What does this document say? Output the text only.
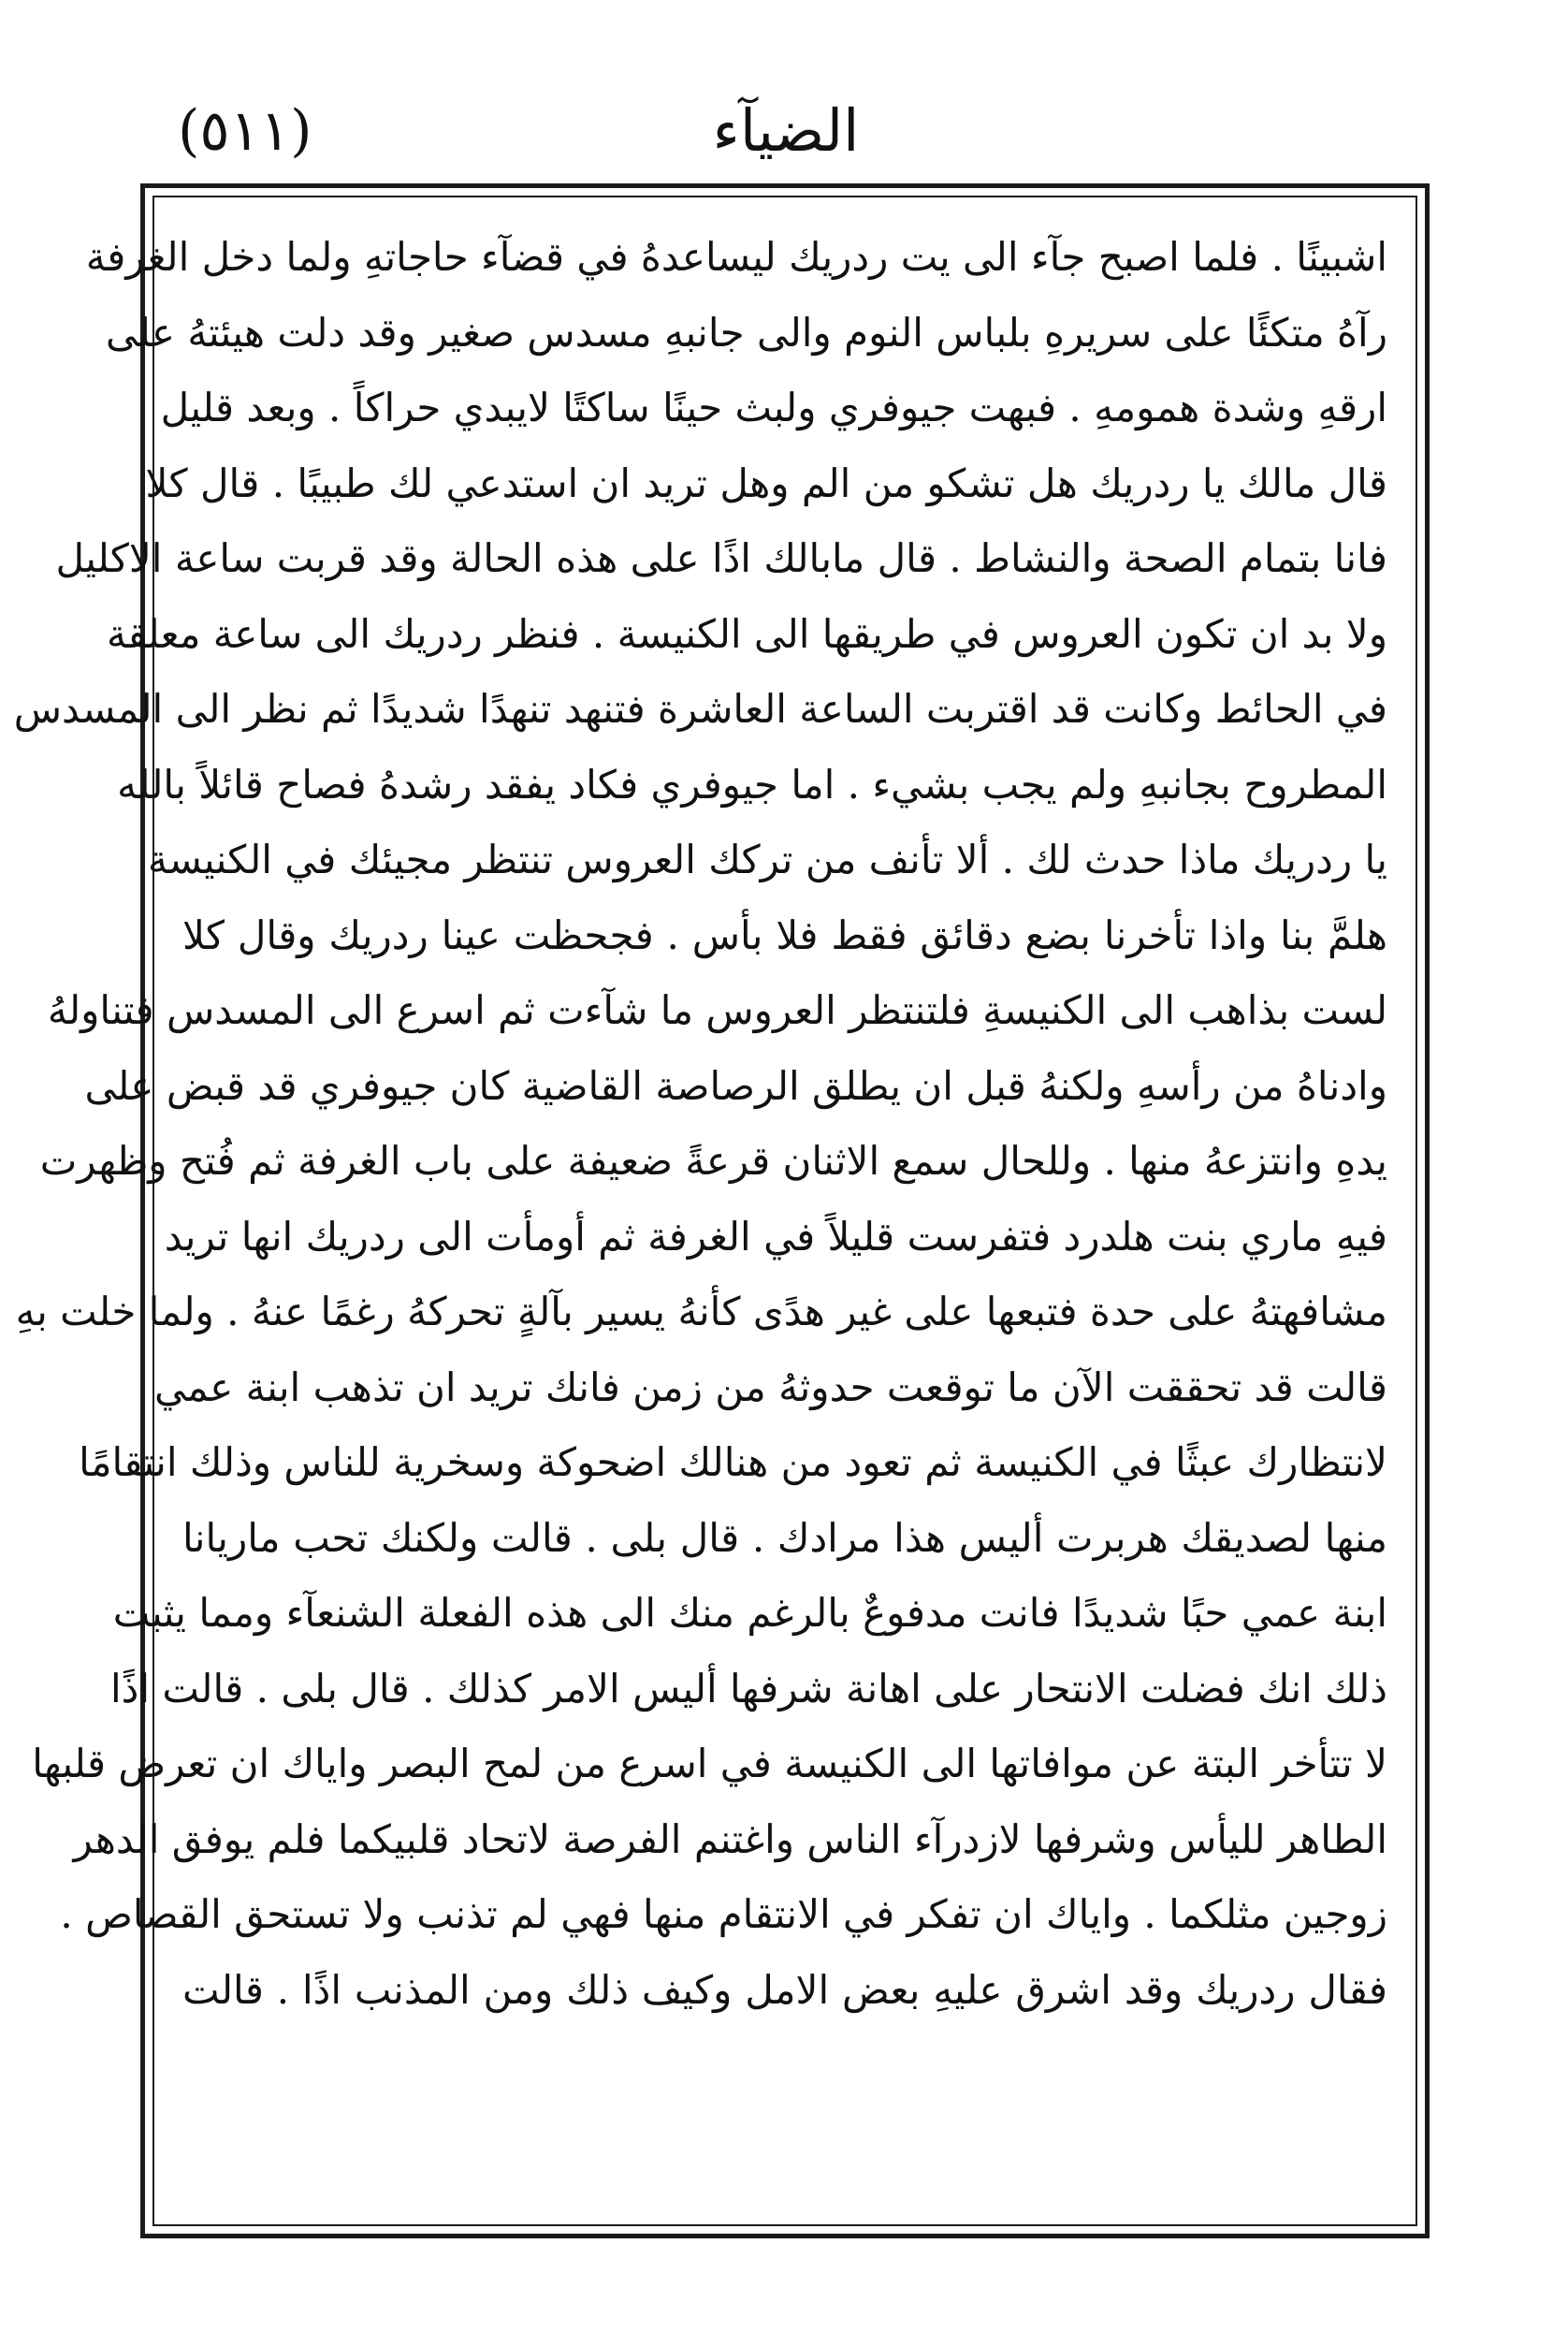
(٥١١)	الضيآء
اشبينًا . فلما اصبح جآء الى يت ردريك ليساعدهُ في قضآء حاجاتهِ ولما دخل الغرفة
رآهُ متكئًا على سريرهِ بلباس النوم والى جانبهِ مسدس صغير وقد دلت هيئتهُ على
ارقهِ وشدة همومهِ . فبهت جيوفري ولبث حينًا ساكتًا لايبدي حراكاً . وبعد قليل
قال مالك يا ردريك هل تشكو من الم وهل تريد ان استدعي لك طبيبًا . قال كلا
فانا بتمام الصحة والنشاط . قال مابالك اذًا على هذه الحالة وقد قربت ساعة الاكليل
ولا بد ان تكون العروس في طريقها الى الكنيسة . فنظر ردريك الى ساعة معلقة
في الحائط وكانت قد اقتربت الساعة العاشرة فتنهد تنهدًا شديدًا ثم نظر الى المسدس
المطروح بجانبهِ ولم يجب بشيء . اما جيوفري فكاد يفقد رشدهُ فصاح قائلاً بالله
يا ردريك ماذا حدث لك . ألا تأنف من تركك العروس تنتظر مجيئك في الكنيسة
هلمَّ بنا واذا تأخرنا بضع دقائق فقط فلا بأس . فجحظت عينا ردريك وقال كلا
لست بذاهب الى الكنيسةِ فلتنتظر العروس ما شآءت ثم اسرع الى المسدس فتناولهُ
وادناهُ من رأسهِ ولكنهُ قبل ان يطلق الرصاصة القاضية كان جيوفري قد قبض على
يدهِ وانتزعهُ منها . وللحال سمع الاثنان قرعةً ضعيفة على باب الغرفة ثم فُتح وظهرت
فيهِ ماري بنت هلدرد فتفرست قليلاً في الغرفة ثم أومأت الى ردريك انها تريد
مشافهتهُ على حدة فتبعها على غير هدًى كأنهُ يسير بآلةٍ تحركهُ رغمًا عنهُ . ولما خلت بهِ
قالت قد تحققت الآن ما توقعت حدوثهُ من زمن فانك تريد ان تذهب ابنة عمي
لانتظارك عبثًا في الكنيسة ثم تعود من هنالك اضحوكة وسخرية للناس وذلك انتقامًا
منها لصديقك هربرت أليس هذا مرادك . قال بلى . قالت ولكنك تحب ماريانا
ابنة عمي حبًا شديدًا فانت مدفوعٌ بالرغم منك الى هذه الفعلة الشنعآء ومما يثبت
ذلك انك فضلت الانتحار على اهانة شرفها أليس الامر كذلك . قال بلى . قالت اذًا
لا تتأخر البتة عن موافاتها الى الكنيسة في اسرع من لمح البصر واياك ان تعرض قلبها
الطاهر لليأس وشرفها لازدرآء الناس واغتنم الفرصة لاتحاد قلبيكما فلم يوفق الدهر
زوجين مثلكما . واياك ان تفكر في الانتقام منها فهي لم تذنب ولا تستحق القصاص .
فقال ردريك وقد اشرق عليهِ بعض الامل وكيف ذلك ومن المذنب اذًا . قالت
